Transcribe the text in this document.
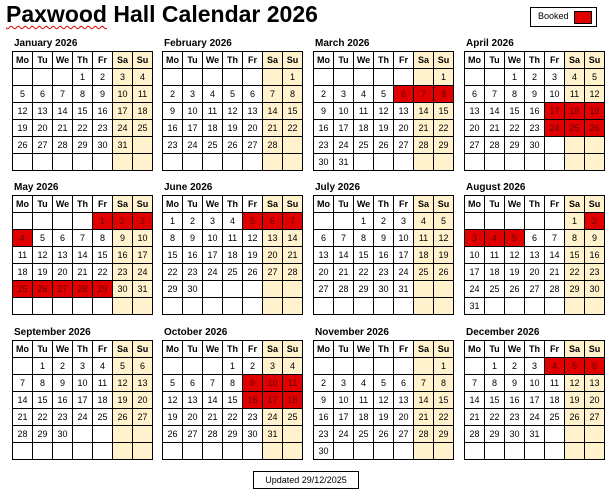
Paxwood Hall Calendar 2026	Booked
January 2026
Mo	Tu	We	Th	Fr	Sa	Su
			1	2	3	4
5	6	7	8	9	10	11
12	13	14	15	16	17	18
19	20	21	22	23	24	25
26	27	28	29	30	31	

February 2026
Mo	Tu	We	Th	Fr	Sa	Su
						1
2	3	4	5	6	7	8
9	10	11	12	13	14	15
16	17	18	19	20	21	22
23	24	25	26	27	28	

March 2026
Mo	Tu	We	Th	Fr	Sa	Su
						1
2	3	4	5	6	7	8
9	10	11	12	13	14	15
16	17	18	19	20	21	22
23	24	25	26	27	28	29
30	31					
April 2026
Mo	Tu	We	Th	Fr	Sa	Su
		1	2	3	4	5
6	7	8	9	10	11	12
13	14	15	16	17	18	19
20	21	22	23	24	25	26
27	28	29	30			

May 2026
Mo	Tu	We	Th	Fr	Sa	Su
				1	2	3
4	5	6	7	8	9	10
11	12	13	14	15	16	17
18	19	20	21	22	23	24
25	26	27	28	29	30	31

June 2026
Mo	Tu	We	Th	Fr	Sa	Su
1	2	3	4	5	6	7
8	9	10	11	12	13	14
15	16	17	18	19	20	21
22	23	24	25	26	27	28
29	30					

July 2026
Mo	Tu	We	Th	Fr	Sa	Su
		1	2	3	4	5
6	7	8	9	10	11	12
13	14	15	16	17	18	19
20	21	22	23	24	25	26
27	28	29	30	31		

August 2026
Mo	Tu	We	Th	Fr	Sa	Su
					1	2
3	4	5	6	7	8	9
10	11	12	13	14	15	16
17	18	19	20	21	22	23
24	25	26	27	28	29	30
31						
September 2026
Mo	Tu	We	Th	Fr	Sa	Su
	1	2	3	4	5	6
7	8	9	10	11	12	13
14	15	16	17	18	19	20
21	22	23	24	25	26	27
28	29	30				

October 2026
Mo	Tu	We	Th	Fr	Sa	Su
			1	2	3	4
5	6	7	8	9	10	11
12	13	14	15	16	17	18
19	20	21	22	23	24	25
26	27	28	29	30	31	

November 2026
Mo	Tu	We	Th	Fr	Sa	Su
						1
2	3	4	5	6	7	8
9	10	11	12	13	14	15
16	17	18	19	20	21	22
23	24	25	26	27	28	29
30						
December 2026
Mo	Tu	We	Th	Fr	Sa	Su
	1	2	3	4	5	6
7	8	9	10	11	12	13
14	15	16	17	18	19	20
21	22	23	24	25	26	27
28	29	30	31			

Updated 29/12/2025
